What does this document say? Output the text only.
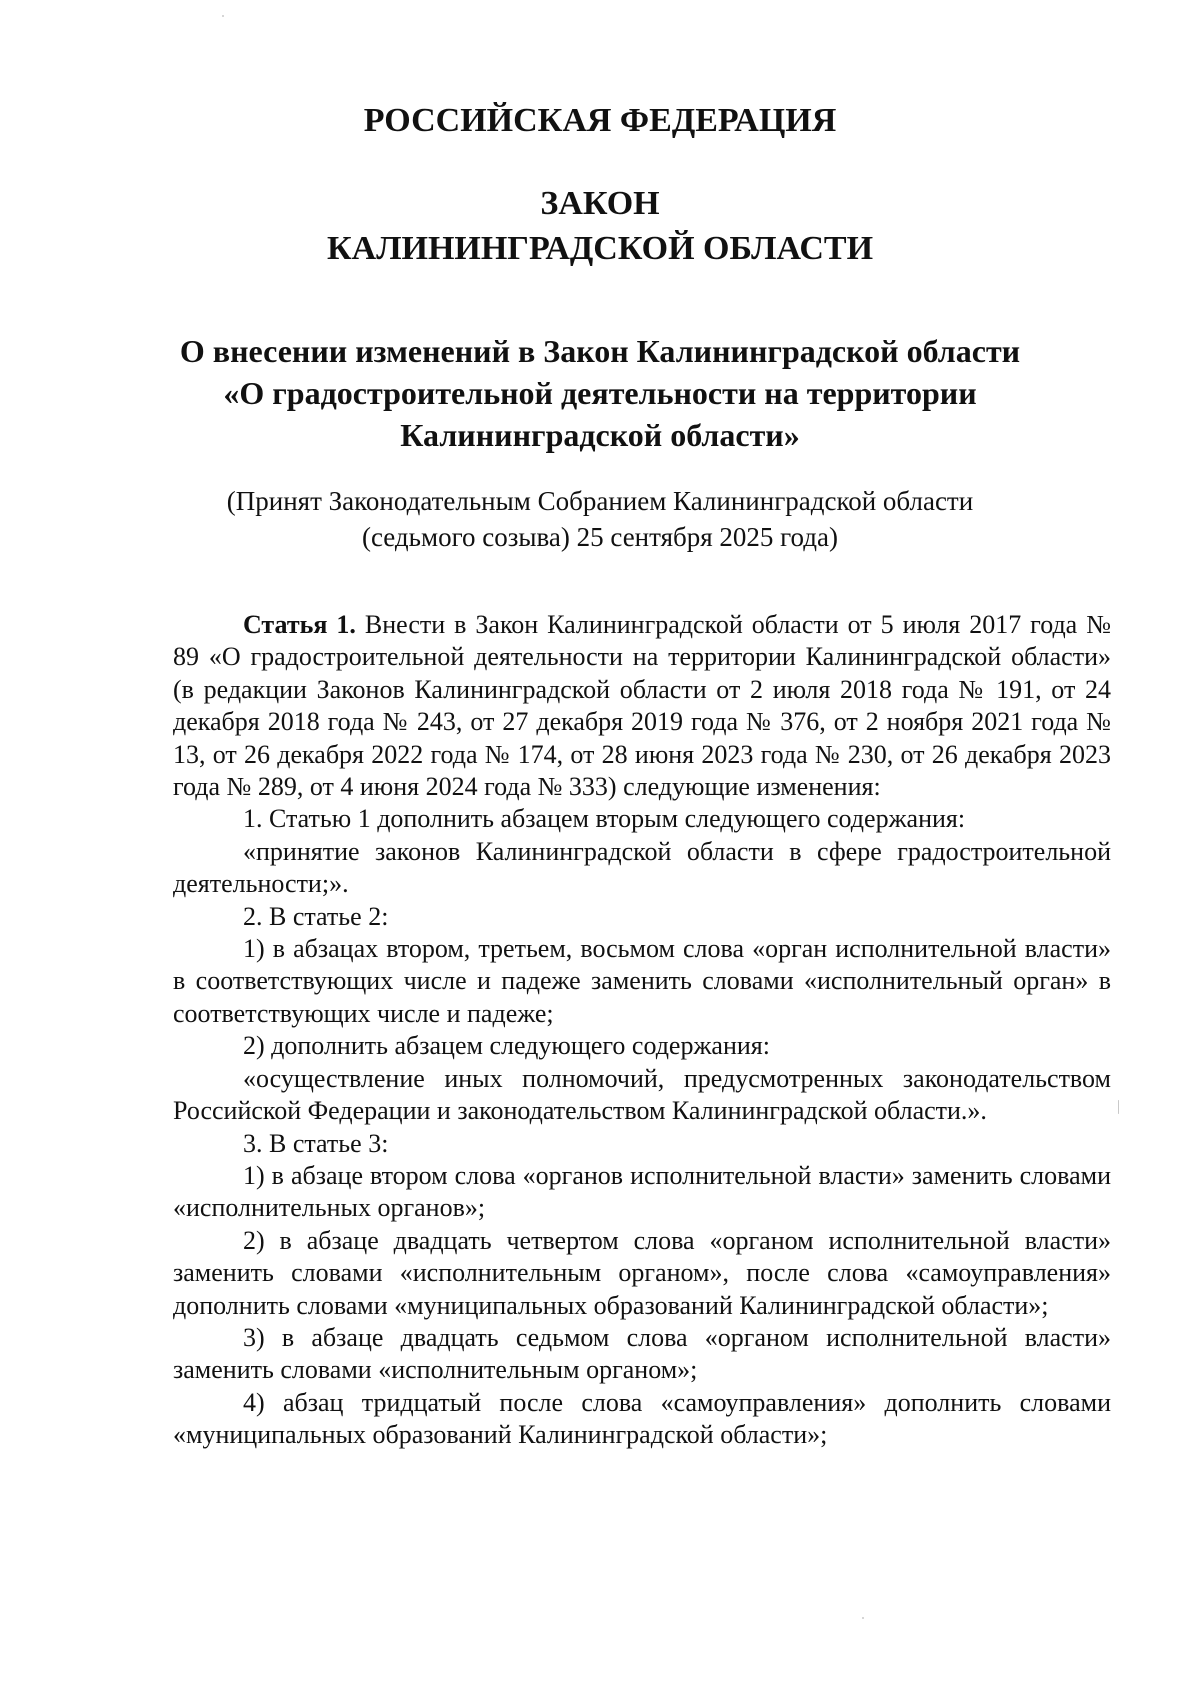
РОССИЙСКАЯ ФЕДЕРАЦИЯ
ЗАКОН
КАЛИНИНГРАДСКОЙ ОБЛАСТИ
О внесении изменений в Закон Калининградской области
«О градостроительной деятельности на территории
Калининградской области»
(Принят Законодательным Собранием Калининградской области
(седьмого созыва) 25 сентября 2025 года)

Статья 1. Внести в Закон Калининградской области от 5 июля 2017 года № 89 «О градостроительной деятельности на территории Калининградской области» (в редакции Законов Калининградской области от 2 июля 2018 года № 191, от 24 декабря 2018 года № 243, от 27 декабря 2019 года № 376, от 2 ноября 2021 года № 13, от 26 декабря 2022 года № 174, от 28 июня 2023 года № 230, от 26 декабря 2023 года № 289, от 4 июня 2024 года № 333) следующие изменения:

1. Статью 1 дополнить абзацем вторым следующего содержания:

«принятие законов Калининградской области в сфере градостроительной деятельности;».

2. В статье 2:

1) в абзацах втором, третьем, восьмом слова «орган исполнительной власти» в соответствующих числе и падеже заменить словами «исполнительный орган» в соответствующих числе и падеже;

2) дополнить абзацем следующего содержания:

«осуществление иных полномочий, предусмотренных законодательством Российской Федерации и законодательством Калининградской области.».

3. В статье 3:

1) в абзаце втором слова «органов исполнительной власти» заменить словами «исполнительных органов»;

2) в абзаце двадцать четвертом слова «органом исполнительной власти» заменить словами «исполнительным органом», после слова «самоуправления» дополнить словами «муниципальных образований Калининградской области»;

3) в абзаце двадцать седьмом слова «органом исполнительной власти» заменить словами «исполнительным органом»;

4) абзац тридцатый после слова «самоуправления» дополнить словами «муниципальных образований Калининградской области»;
